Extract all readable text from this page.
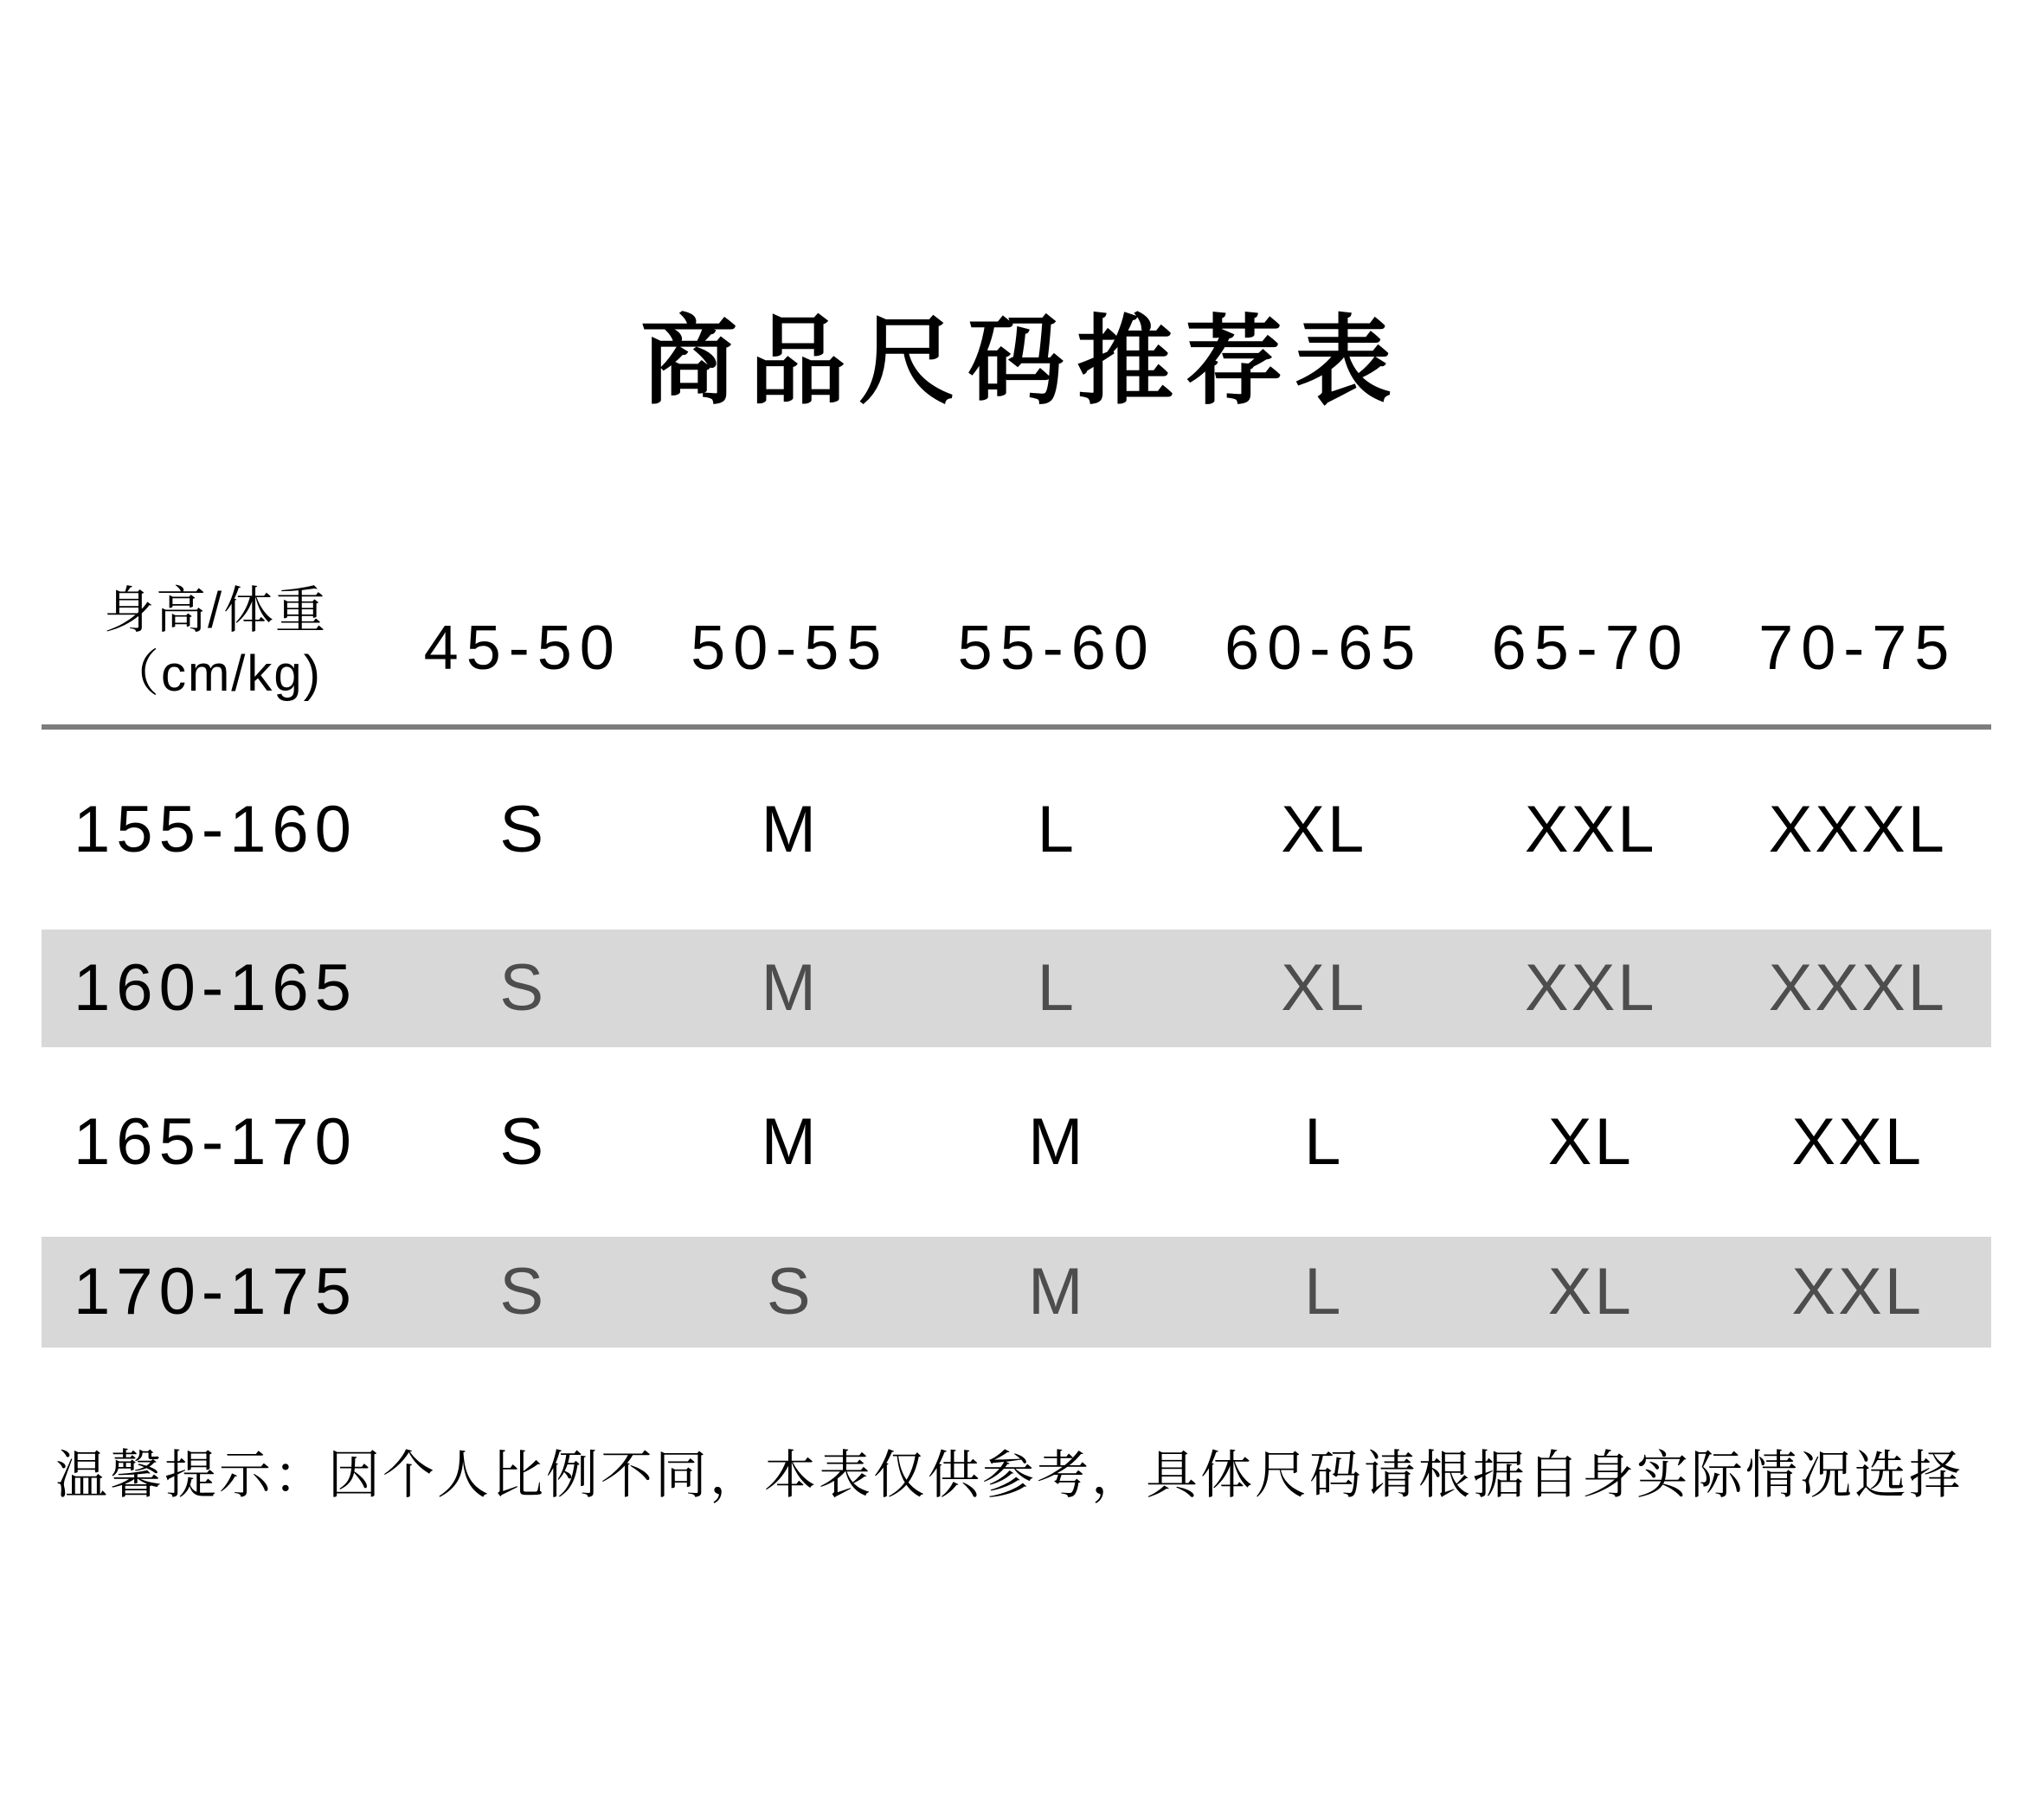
商品尺码推荐表
身高/体重
（cm/kg)	45-50	50-55	55-60	60-65	65-70	70-75
155-160	S	M	L	XL	XXL	XXXL
160-165	S	M	L	XL	XXL	XXXL
165-170	S	M	M	L	XL	XXL
170-175	S	S	M	L	XL	XXL
温馨提示：因个人比例不同，本表仅供参考，具体尺码请根据自身实际情况选择
